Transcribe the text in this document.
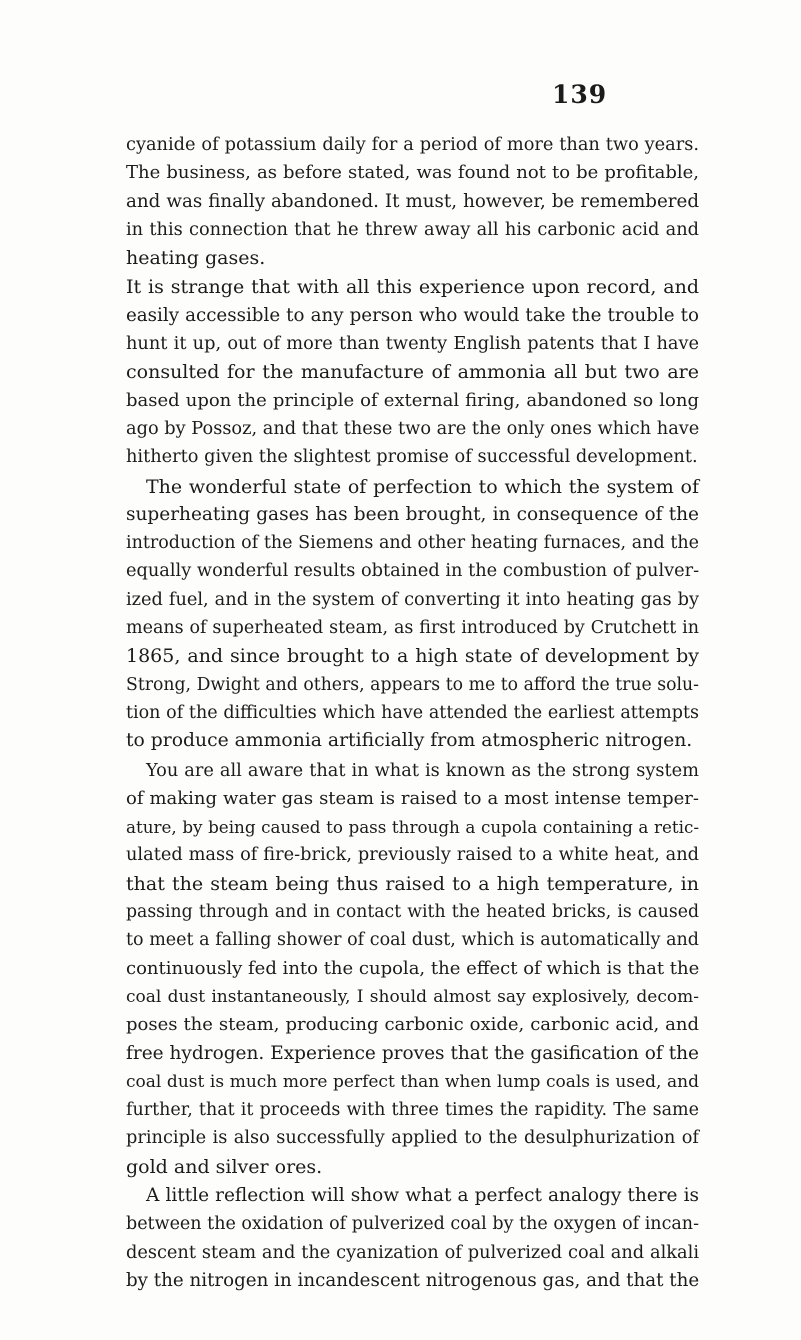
139

cyanide of potassium daily for a period of more than two years.

The business, as before stated, was found not to be profitable,

and was finally abandoned. It must, however, be remembered

in this connection that he threw away all his carbonic acid and

heating gases.

It is strange that with all this experience upon record, and

easily accessible to any person who would take the trouble to

hunt it up, out of more than twenty English patents that I have

consulted for the manufacture of ammonia all but two are

based upon the principle of external firing, abandoned so long

ago by Possoz, and that these two are the only ones which have

hitherto given the slightest promise of successful development.

The wonderful state of perfection to which the system of

superheating gases has been brought, in consequence of the

introduction of the Siemens and other heating furnaces, and the

equally wonderful results obtained in the combustion of pulver-

ized fuel, and in the system of converting it into heating gas by

means of superheated steam, as first introduced by Crutchett in

1865, and since brought to a high state of development by

Strong, Dwight and others, appears to me to afford the true solu-

tion of the difficulties which have attended the earliest attempts

to produce ammonia artificially from atmospheric nitrogen.

You are all aware that in what is known as the strong system

of making water gas steam is raised to a most intense temper-

ature, by being caused to pass through a cupola containing a retic-

ulated mass of fire-brick, previously raised to a white heat, and

that the steam being thus raised to a high temperature, in

passing through and in contact with the heated bricks, is caused

to meet a falling shower of coal dust, which is automatically and

continuously fed into the cupola, the effect of which is that the

coal dust instantaneously, I should almost say explosively, decom-

poses the steam, producing carbonic oxide, carbonic acid, and

free hydrogen. Experience proves that the gasification of the

coal dust is much more perfect than when lump coals is used, and

further, that it proceeds with three times the rapidity. The same

principle is also successfully applied to the desulphurization of

gold and silver ores.

A little reflection will show what a perfect analogy there is

between the oxidation of pulverized coal by the oxygen of incan-

descent steam and the cyanization of pulverized coal and alkali

by the nitrogen in incandescent nitrogenous gas, and that the
